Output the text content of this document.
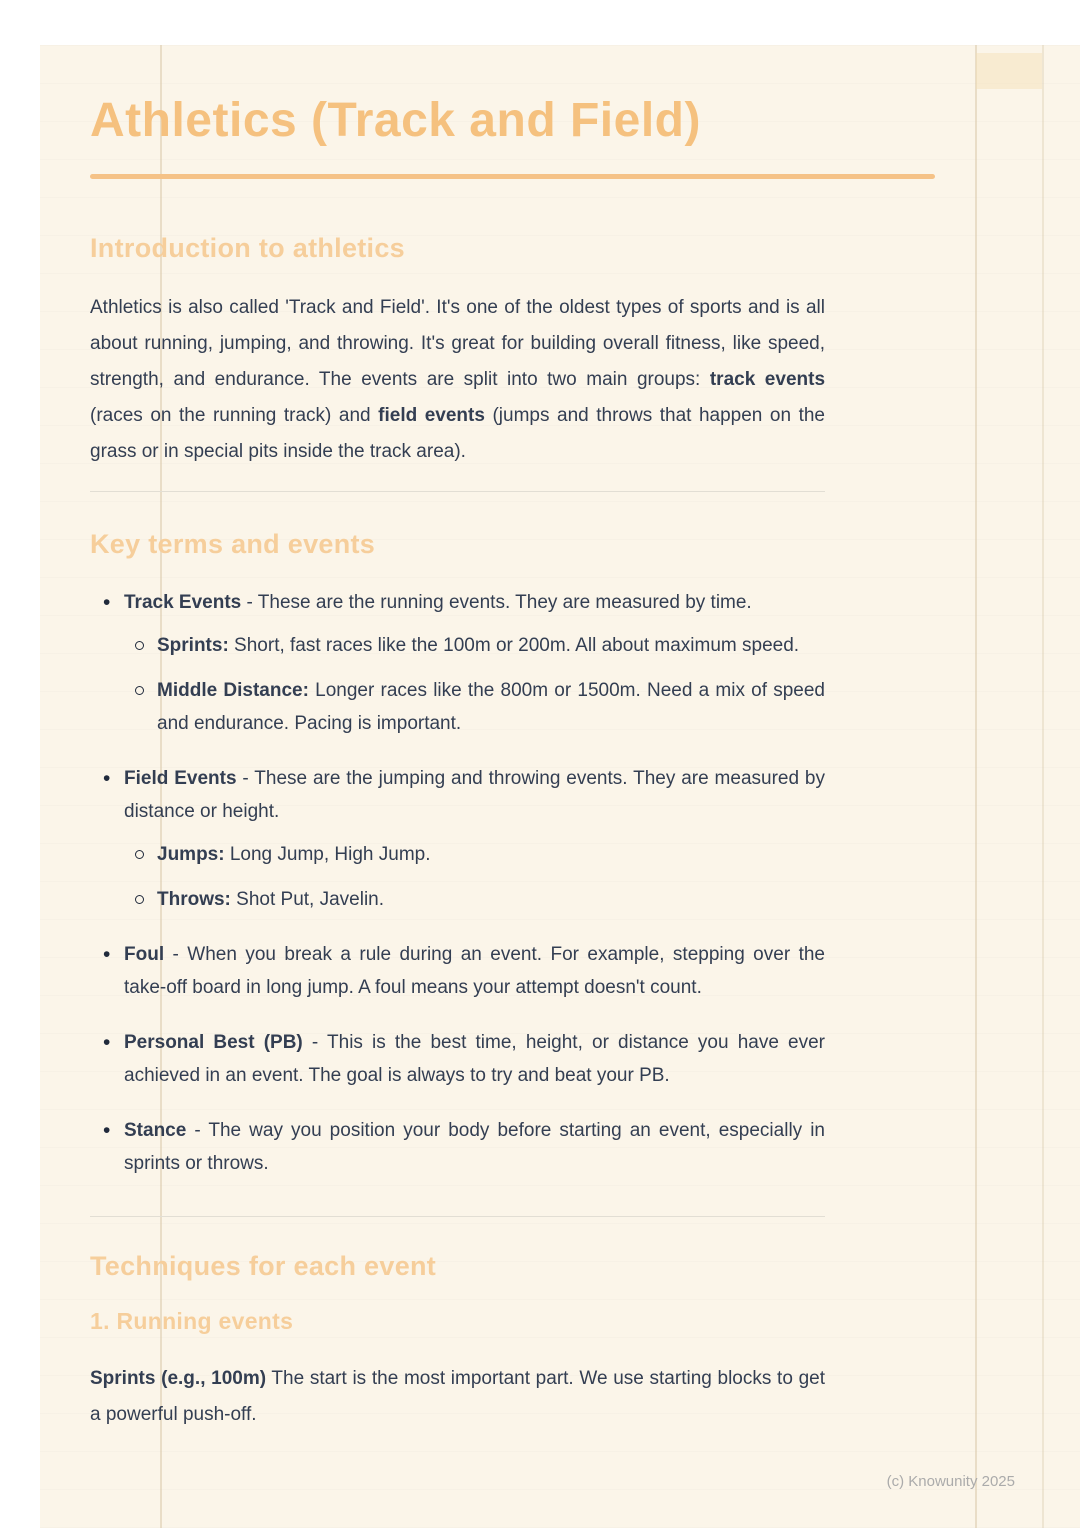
Athletics (Track and Field)
Introduction to athletics

Athletics is also called 'Track and Field'. It's one of the oldest types of sports and is all about running, jumping, and throwing. It's great for building overall fitness, like speed, strength, and endurance. The events are split into two main groups: track events (races on the running track) and field events (jumps and throws that happen on the grass or in special pits inside the track area).

Key terms and events
• Track Events - These are the running events. They are measured by time.
Sprints: Short, fast races like the 100m or 200m. All about maximum speed.
Middle Distance: Longer races like the 800m or 1500m. Need a mix of speed and endurance. Pacing is important.
• Field Events - These are the jumping and throwing events. They are measured by distance or height.
Jumps: Long Jump, High Jump.
Throws: Shot Put, Javelin.
• Foul - When you break a rule during an event. For example, stepping over the take-off board in long jump. A foul means your attempt doesn't count.
• Personal Best (PB) - This is the best time, height, or distance you have ever achieved in an event. The goal is always to try and beat your PB.
• Stance - The way you position your body before starting an event, especially in sprints or throws.
Techniques for each event
1. Running events

Sprints (e.g., 100m) The start is the most important part. We use starting blocks to get a powerful push-off.

(c) Knowunity 2025
